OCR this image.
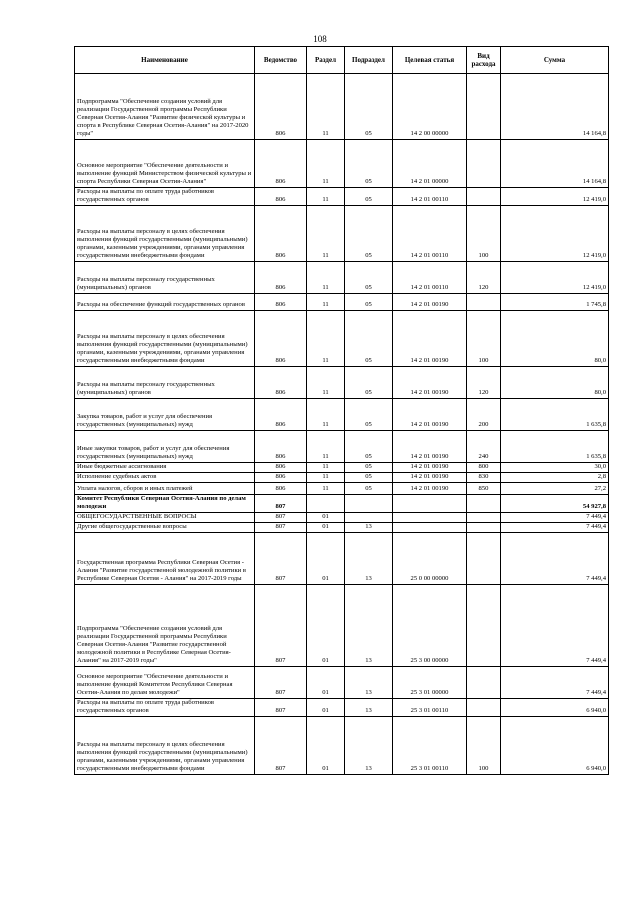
108
Наименование	Ведомство	Раздел	Подраздел	Целевая статья	Вид расхода	Сумма
Подпрограмма "Обеспечение создания условий для реализации Государственной программы Республики Северная Осетия-Алания "Развитие физической культуры и спорта в Республике Северная Осетия-Алания" на 2017-2020 годы"	806	11	05	14 2 00 00000		14 164,8
Основное мероприятие "Обеспечение деятельности и выполнение функций Министерством физической культуры и спорта Республики Северная Осетия-Алания"	806	11	05	14 2 01 00000		14 164,8
Расходы на выплаты по оплате труда работников государственных органов	806	11	05	14 2 01 00110		12 419,0
Расходы на выплаты персоналу в целях обеспечения выполнения функций государственными (муниципальными) органами, казенными учреждениями, органами управления государственными внебюджетными фондами	806	11	05	14 2 01 00110	100	12 419,0
Расходы на выплаты персоналу государственных (муниципальных) органов	806	11	05	14 2 01 00110	120	12 419,0
Расходы на обеспечение функций государственных органов	806	11	05	14 2 01 00190		1 745,8
Расходы на выплаты персоналу в целях обеспечения выполнения функций государственными (муниципальными) органами, казенными учреждениями, органами управления государственными внебюджетными фондами	806	11	05	14 2 01 00190	100	80,0
Расходы на выплаты персоналу государственных (муниципальных) органов	806	11	05	14 2 01 00190	120	80,0
Закупка товаров, работ и услуг для обеспечения государственных (муниципальных) нужд	806	11	05	14 2 01 00190	200	1 635,8
Иные закупки товаров, работ и услуг для обеспечения государственных (муниципальных) нужд	806	11	05	14 2 01 00190	240	1 635,8
Иные бюджетные ассигнования	806	11	05	14 2 01 00190	800	30,0
Исполнение судебных актов	806	11	05	14 2 01 00190	830	2,8
Уплата налогов, сборов и иных платежей	806	11	05	14 2 01 00190	850	27,2
Комитет Республики Северная Осетия-Алания по делам молодежи	807					54 927,8
ОБЩЕГОСУДАРСТВЕННЫЕ ВОПРОСЫ	807	01				7 449,4
Другие общегосударственные вопросы	807	01	13			7 449,4
Государственная программа Республики Северная Осетия - Алания "Развитие государственной молодежной политики в Республике Северная Осетия - Алания" на 2017-2019 годы	807	01	13	25 0 00 00000		7 449,4
Подпрограмма "Обеспечение создания условий для реализации Государственной программы Республики Северная Осетия-Алания "Развитие государственной молодежной политики в Республике Северная Осетия-Алания" на 2017-2019 годы"	807	01	13	25 3 00 00000		7 449,4
Основное мероприятие "Обеспечение деятельности и выполнение функций Комитетом Республики Северная Осетия-Алания по делам молодежи"	807	01	13	25 3 01 00000		7 449,4
Расходы на выплаты по оплате труда работников государственных органов	807	01	13	25 3 01 00110		6 940,0
Расходы на выплаты персоналу в целях обеспечения выполнения функций государственными (муниципальными) органами, казенными учреждениями, органами управления государственными внебюджетными фондами	807	01	13	25 3 01 00110	100	6 940,0
